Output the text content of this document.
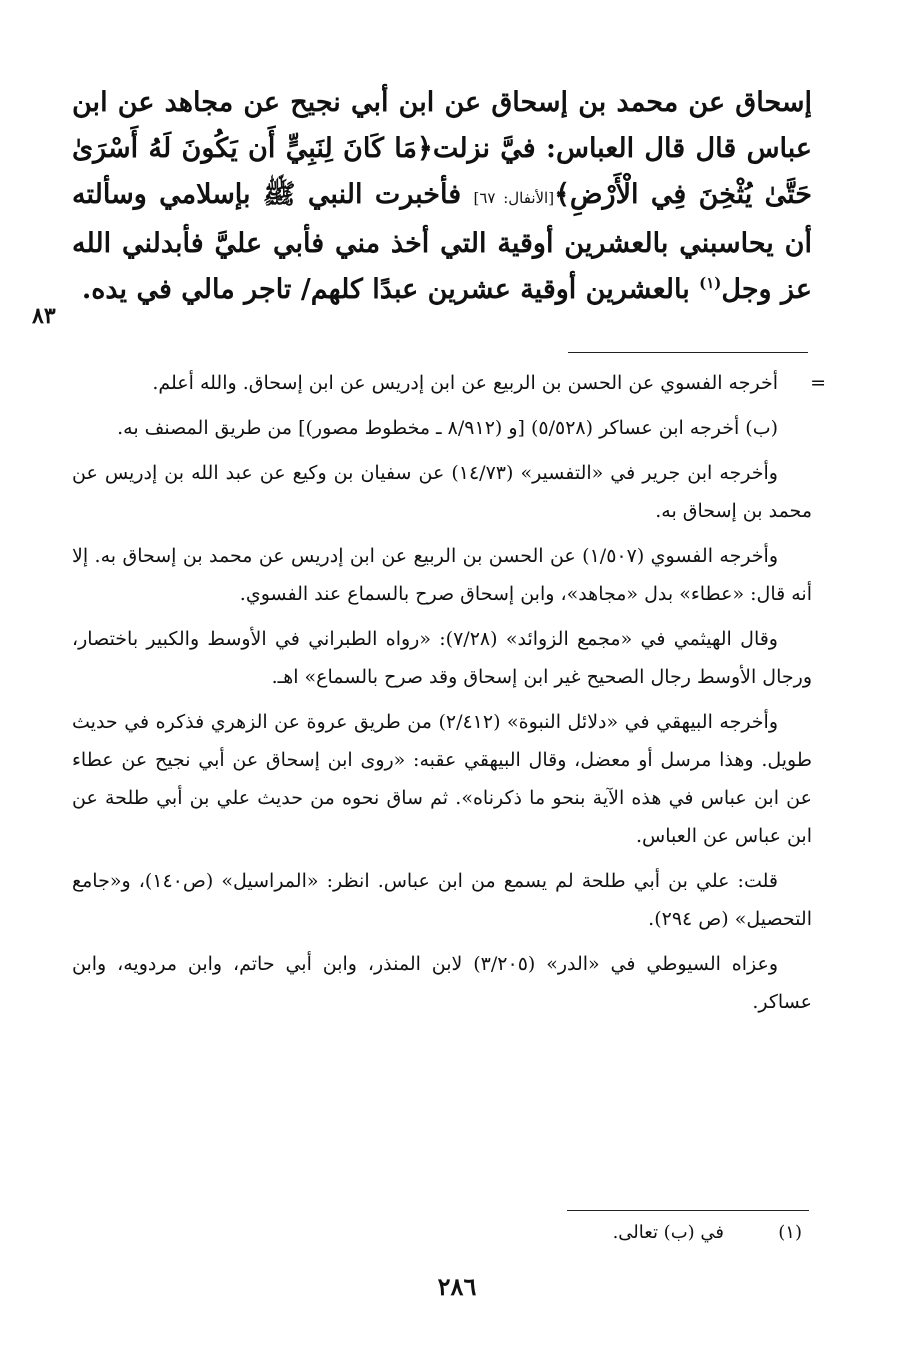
إسحاق عن محمد بن إسحاق عن ابن أبي نجيح عن مجاهد عن ابن عباس قال قال العباس: فيَّ نزلت﴿مَا كَانَ لِنَبِيٍّ أَن يَكُونَ لَهُ أَسْرَىٰ حَتَّىٰ يُثْخِنَ فِي الْأَرْضِ﴾[الأنفال: ٦٧] فأخبرت النبي ﷺ بإسلامي وسألته أن يحاسبني بالعشرين أوقية التي أخذ مني فأبي عليَّ فأبدلني الله عز وجل$^{(١)}$ بالعشرين أوقية عشرين عبدًا كلهم/ تاجر مالي في يده.

٨٣

=
أخرجه الفسوي عن الحسن بن الربيع عن ابن إدريس عن ابن إسحاق. والله أعلم.

(ب) أخرجه ابن عساكر (٥/٥٢٨) [و (٨/٩١٢ ـ مخطوط مصور)] من طريق المصنف به.

وأخرجه ابن جرير في «التفسير» (١٤/٧٣) عن سفيان بن وكيع عن عبد الله بن إدريس عن محمد بن إسحاق به.

وأخرجه الفسوي (١/٥٠٧) عن الحسن بن الربيع عن ابن إدريس عن محمد بن إسحاق به. إلا أنه قال: «عطاء» بدل «مجاهد»، وابن إسحاق صرح بالسماع عند الفسوي.

وقال الهيثمي في «مجمع الزوائد» (٧/٢٨): «رواه الطبراني في الأوسط والكبير باختصار، ورجال الأوسط رجال الصحيح غير ابن إسحاق وقد صرح بالسماع» اهـ.

وأخرجه البيهقي في «دلائل النبوة» (٢/٤١٢) من طريق عروة عن الزهري فذكره في حديث طويل. وهذا مرسل أو معضل، وقال البيهقي عقبه: «روى ابن إسحاق عن أبي نجيح عن عطاء عن ابن عباس في هذه الآية بنحو ما ذكرناه». ثم ساق نحوه من حديث علي بن أبي طلحة عن ابن عباس عن العباس.

قلت: علي بن أبي طلحة لم يسمع من ابن عباس. انظر: «المراسيل» (ص١٤٠)، و«جامع التحصيل» (ص ٢٩٤).

وعزاه السيوطي في «الدر» (٣/٢٠٥) لابن المنذر، وابن أبي حاتم، وابن مردويه، وابن عساكر.

(١)في (ب) تعالى.
٢٨٦
